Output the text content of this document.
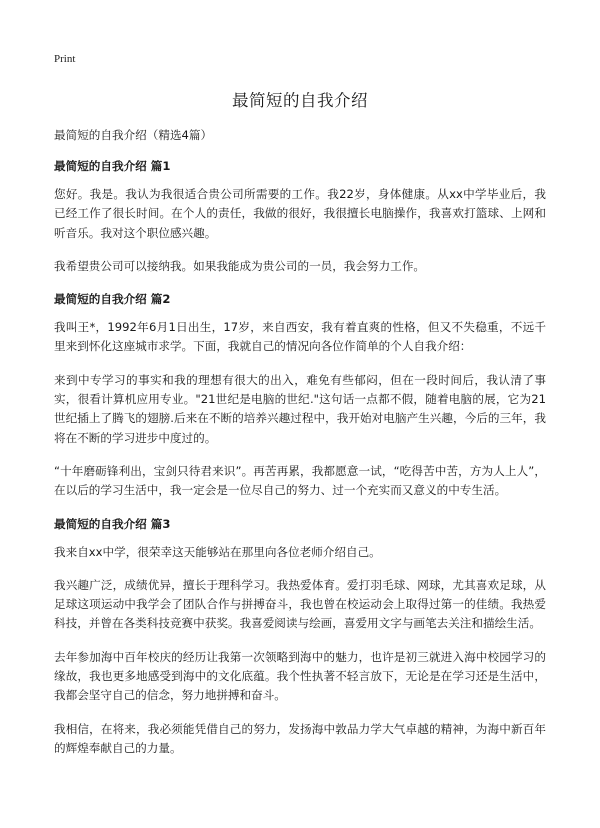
Print
最简短的自我介绍
最简短的自我介绍（精选4篇）
最简短的自我介绍 篇1

您好。我是。我认为我很适合贵公司所需要的工作。我22岁，身体健康。从xx中学毕业后，我已经工作了很长时间。在个人的责任，我做的很好，我很擅长电脑操作，我喜欢打篮球、上网和听音乐。我对这个职位感兴趣。

我希望贵公司可以接纳我。如果我能成为贵公司的一员，我会努力工作。

最简短的自我介绍 篇2

我叫王*，1992年6月1日出生，17岁，来自西安，我有着直爽的性格，但又不失稳重，不远千里来到怀化这座城市求学。下面，我就自己的情况向各位作简单的个人自我介绍：

来到中专学习的事实和我的理想有很大的出入，难免有些郁闷，但在一段时间后，我认清了事实，很看计算机应用专业。"21世纪是电脑的世纪."这句话一点都不假，随着电脑的展，它为21世纪插上了腾飞的翅膀.后来在不断的培养兴趣过程中，我开始对电脑产生兴趣，今后的三年，我将在不断的学习进步中度过的。

“十年磨砺锋利出，宝剑只待君来识”。再苦再累，我都愿意一试，“吃得苦中苦，方为人上人”，在以后的学习生活中，我一定会是一位尽自己的努力、过一个充实而又意义的中专生活。

最简短的自我介绍 篇3

我来自xx中学，很荣幸这天能够站在那里向各位老师介绍自己。

我兴趣广泛，成绩优异，擅长于理科学习。我热爱体育。爱打羽毛球、网球，尤其喜欢足球，从足球这项运动中我学会了团队合作与拼搏奋斗，我也曾在校运动会上取得过第一的佳绩。我热爱科技，并曾在各类科技竞赛中获奖。我喜爱阅读与绘画，喜爱用文字与画笔去关注和描绘生活。

去年参加海中百年校庆的经历让我第一次领略到海中的魅力，也许是初三就进入海中校园学习的缘故，我也更多地感受到海中的文化底蕴。我个性执著不轻言放下，无论是在学习还是生活中，我都会坚守自己的信念，努力地拼搏和奋斗。

我相信，在将来，我必须能凭借自己的努力，发扬海中敦品力学大气卓越的精神，为海中新百年的辉煌奉献自己的力量。
